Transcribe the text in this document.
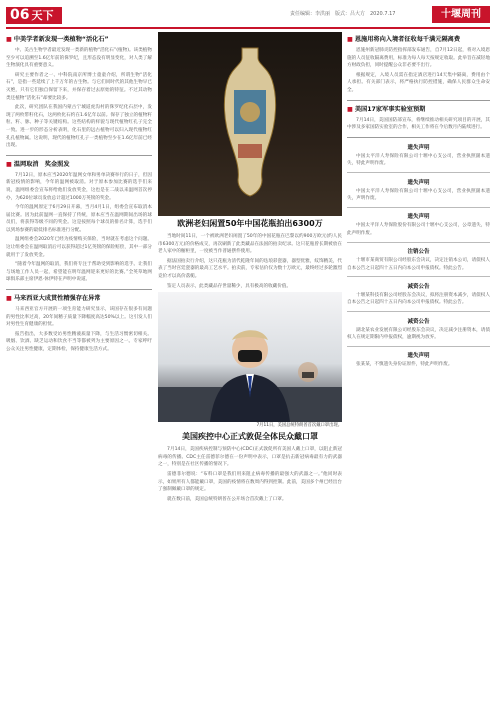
06 天下	责任编辑：李洪丽　版式：吕大方　2020.7.17	十堰周刊
■ 中美学者新发现一类植物“活化石”

中、美古生物学者最近发现一类新的植物“活化石”(植物)。该类植物至少可以追溯至1.6亿年前的侏罗纪，且形态没有明显变化，对人类了解生物演化具有重要意义。

研究主要作者之一、中科院南京所博士童童介绍，所谓生物“活化石”，是指一些延续了上千万年的古生物。与它们同时代的其他生物早已灭绝，只有它们独自保留下来，并保存着过去原始的特征。不过其动物类还植物“活化石”却要比较多。

此次，研究团队在我国内蒙古宁城道虎沟村的侏罗纪化石层中，发现了两枚带籽化石，这两枚化石约在1.6亿年以前。保存了独立的植物籽粒、籽、脉、种子等关键结构。这些结构的样貌与现代植物红孔子完全一致。进一步的形态分析表明，化石里的远古植物可以归入现代植物红孔孔植物属。这说明，现代的植物红孔子一类植物至少在1.6亿年前已经出现。

■ 温网取消　奖金照发

7月12日，原本应当2020年温网女单和男单决赛举行的日子，但因新冠疫情的影响，今年的温网被取消。对于原本参加比赛的选手们来说，温网组委会宣布将给他们发放奖金，这也是在二战以来温网首次停办，为620位球员发放总计超过1000万英镑的奖金。

今年的温网原定于6月29日开幕，当月4月1日，组委会宣布取消本届比赛。因为此前温网一直保持了传统，原本应当在温网期间出场的球员们，将获得等级不同的奖金。这是按照每个球员的排名计算，选手们以到场参赛的最低排名标准进行分配。

温网组委会2020年已经为疫情购买保险，当时就在考虑这个问题。这让组委会在温网取消后可以获得超过1亿英镑的保险赔偿，其中一部分就用于了发放奖金。

“随着今年温网的取消，我们将专注于帮助受到影响的选手。让我们与场地工作人员一起，希望能在明年温网迎来更好的比赛。”全英草地网球俱乐部主席伊恩·休伊特在声明中说道。

■ 马来西亚大成贯性精强存在异常

马来西亚官方开展的一项生育能力研究显示，该国存在很多有问题的男性比率过高，20年间精子质量下降幅度高达50%以上。这引发人们对男性生育健康的担忧。

报告指出，大多数受访男性精液质量下降，与生活习惯密切相关。吸烟、饮酒、缺乏运动和饮食不当等都被列为主要原因之一。专家呼吁公众关注男性健康，定期体检，保持健康生活方式。

欧洲老妇闲置50年中国花瓶拍出6300万

当地时间11日，一个被欧洲老妇闲置了50年的中国花瓶在巴黎以约900万欧元(约人民币6300万元)的价格成交，再次刷新了此类藏品在法国的拍卖纪录。这只花瓶曾长期被放在老人家中的橱柜里，一度被当作普通摆件使用。

据法国拍卖行介绍，这只花瓶为清代乾隆年间的珐琅彩瓷器，器型优雅，纹饰精美，代表了当时宫廷瓷器的最高工艺水平。拍卖前，专家估价仅为数十万欧元，最终经过多轮激烈竞价才以高价落槌。

鉴定人员表示，此类藏品存世量稀少，具有极高的收藏价值。

7月11日，美国总统特朗普首次戴口罩出现。
美国疾控中心正式敦促全体民众戴口罩

7月14日，美国疾病控制与预防中心(CDC)正式敦促所有美国人戴上口罩，以阻止新冠病毒的传播。CDC主任雷德菲尔德在一份声明中表示，口罩是抗击新冠病毒最有力的武器之一，特别是在社区传播的情况下。

雷德菲尔德说：“布料口罩是我们用来阻止病毒传播的最强大的武器之一。”他同时表示，如果所有人都能戴口罩，美国的疫情将在数周内得到控制。此前，美国多个州已经出台了强制佩戴口罩的规定。

就在数日前，美国总统特朗普在公开场合首次戴上了口罩。

■ 恩施用将向入境者征收每千满元隔离费

恩施州新冠肺炎防控指挥部发布通告，自7月12日起，将对入境恩施的人员征收隔离费用，标准为每人每天按规定收取。此举旨在减轻地方财政负担，同时提醒公众非必要不出行。

根据规定，入境人员需在指定酒店进行14天集中隔离，费用由个人承担。有关部门表示，将严格执行防控措施，确保人民群众生命安全。

■ 美国17家军事实验室预期

7月14日，美国国防部宣布，将继续推动相关研究项目的开展，其中涉及多家国防实验室的合作，相关工作将在今后数月内陆续进行。

遗失声明

中国太平洋人寿保险有限公司十堰中心支公司，营业执照副本遗失，特此声明作废。

遗失声明

中国太平洋人寿保险有限公司十堰中心支公司，营业执照副本遗失，声明作废。

遗失声明

中国太平洋人寿保险股份有限公司十堰中心支公司，公章遗失，特此声明作废。

注销公告

十堰市某商贸有限公司经股东会决议，决定注销本公司，请债权人自本公告之日起四十五日内向本公司申报债权。特此公告。

减资公告

十堰某科技有限公司经股东会决议，拟将注册资本减少，请债权人自本公告之日起四十五日内向本公司申报债权。特此公告。

减资公告

湖北某农业发展有限公司经股东会决议，决定减少注册资本，请债权人在规定期限内申报债权，逾期视为放弃。

遗失声明

张某某，不慎遗失身份证原件，特此声明作废。
